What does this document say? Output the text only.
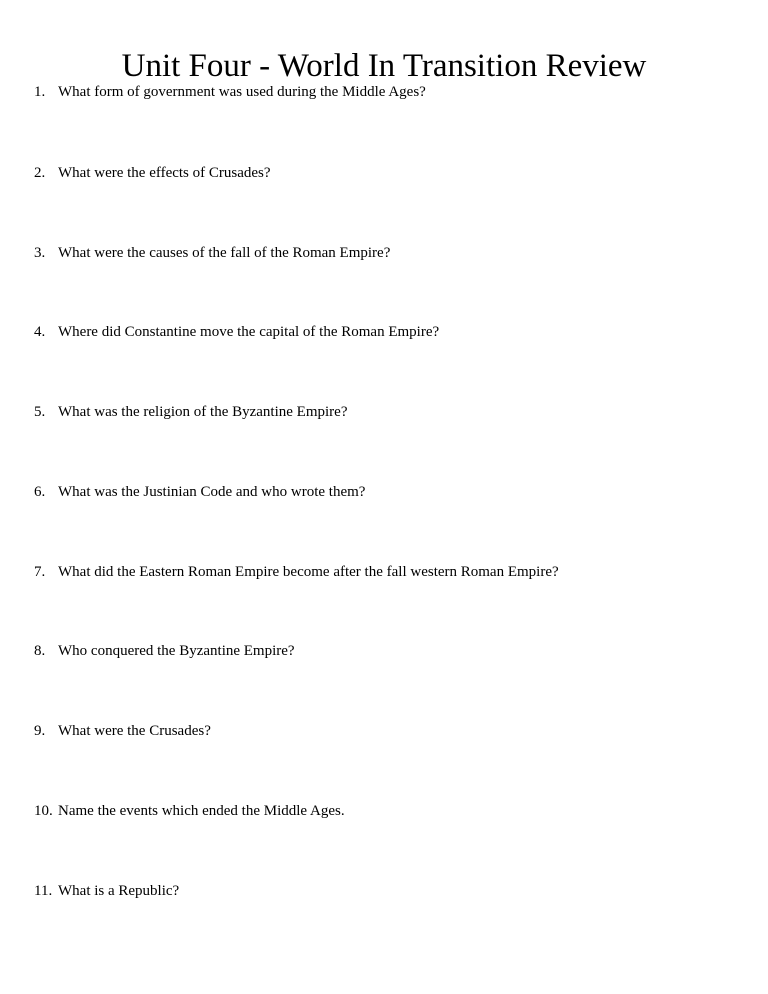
Unit Four - World In Transition Review
1. What form of government was used during the Middle Ages?
2. What were the effects of Crusades?
3. What were the causes of the fall of the Roman Empire?
4. Where did Constantine move the capital of the Roman Empire?
5. What was the religion of the Byzantine Empire?
6. What was the Justinian Code and who wrote them?
7. What did the Eastern Roman Empire become after the fall western Roman Empire?
8. Who conquered the Byzantine Empire?
9. What were the Crusades?
10. Name the events which ended the Middle Ages.
11. What is a Republic?
